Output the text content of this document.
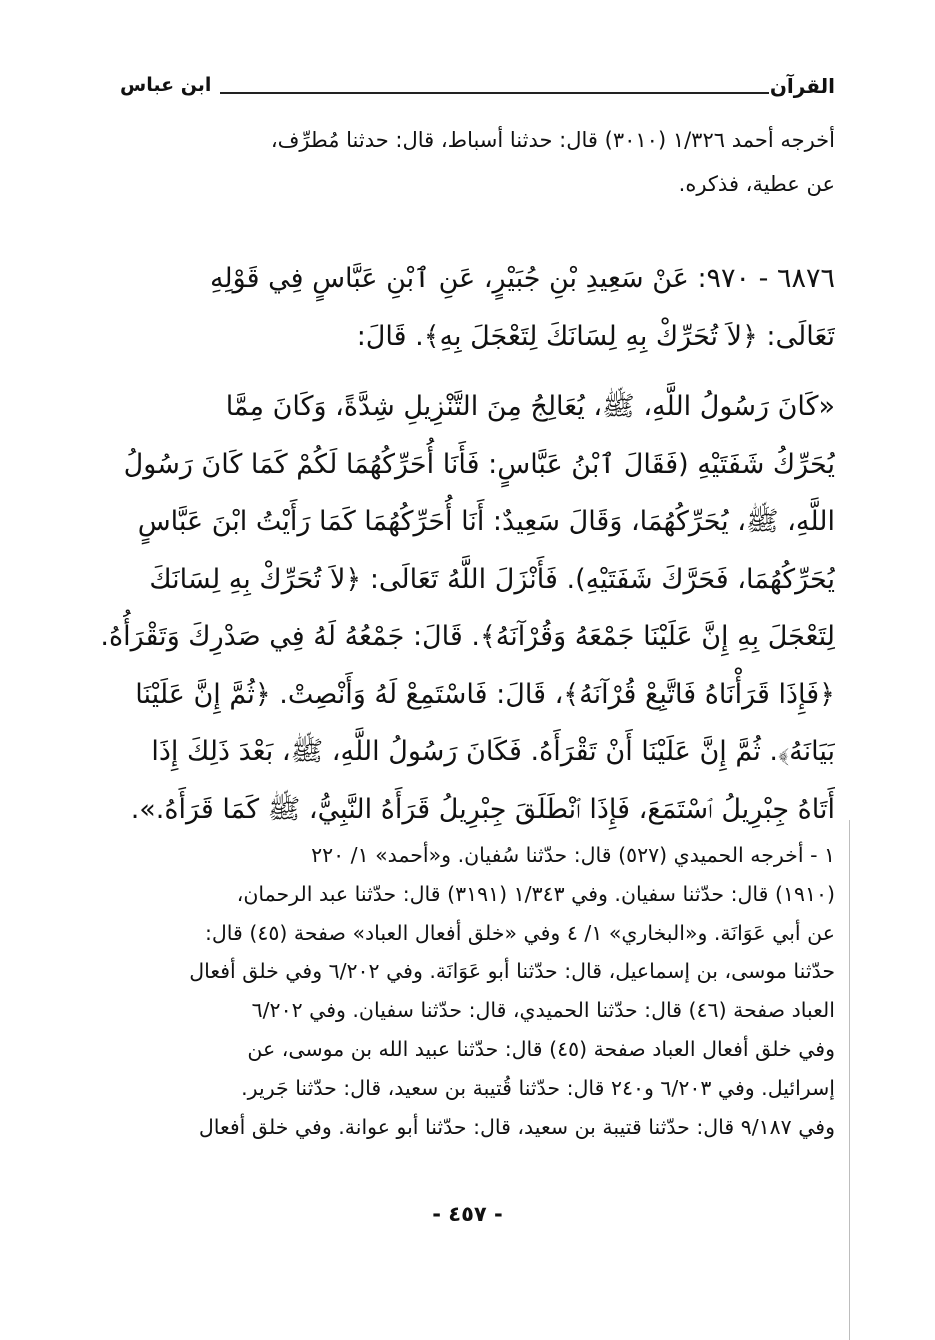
القرآن
ابن عباس
أخرجه أحمد ١/٣٢٦ (٣٠١٠) قال: حدثنا أسباط، قال: حدثنا مُطرِّف،
عن عطية، فذكره.
٦٨٧٦ - ٩٧٠: عَنْ سَعِيدِ بْنِ جُبَيْرٍ، عَنِ ٱبْنِ عَبَّاسٍ فِي قَوْلِهِ
تَعَالَى: ﴿لاَ تُحَرِّكْ بِهِ لِسَانَكَ لِتَعْجَلَ بِهِ﴾. قَالَ:
«كَانَ رَسُولُ اللَّهِ، ﷺ، يُعَالِجُ مِنَ التَّنْزِيلِ شِدَّةً، وَكَانَ مِمَّا
يُحَرِّكُ شَفَتَيْهِ (فَقَالَ ٱبْنُ عَبَّاسٍ: فَأَنَا أُحَرِّكُهُمَا لَكُمْ كَمَا كَانَ رَسُولُ
اللَّهِ، ﷺ، يُحَرِّكُهُمَا، وَقَالَ سَعِيدٌ: أَنَا أُحَرِّكُهُمَا كَمَا رَأَيْتُ ابْنَ عَبَّاسٍ
يُحَرِّكُهُمَا، فَحَرَّكَ شَفَتَيْهِ). فَأَنْزَلَ اللَّهُ تَعَالَى: ﴿لاَ تُحَرِّكْ بِهِ لِسَانَكَ
لِتَعْجَلَ بِهِ إِنَّ عَلَيْنَا جَمْعَهُ وَقُرْآنَهُ﴾. قَالَ: جَمْعُهُ لَهُ فِي صَدْرِكَ وَتَقْرَأُهُ.
﴿فَإِذَا قَرَأْنَاهُ فَاتَّبِعْ قُرْآنَهُ﴾، قَالَ: فَاسْتَمِعْ لَهُ وَأَنْصِتْ. ﴿ثُمَّ إِنَّ عَلَيْنَا
بَيَانَهُ﴾. ثُمَّ إِنَّ عَلَيْنَا أَنْ تَقْرَأَهُ. فَكَانَ رَسُولُ اللَّهِ، ﷺ، بَعْدَ ذَلِكَ إِذَا
أَتَاهُ جِبْرِيلُ ٱسْتَمَعَ، فَإِذَا ٱنْطَلَقَ جِبْرِيلُ قَرَأَهُ النَّبِيُّ، ﷺ كَمَا قَرَأَهُ.».
١ - أخرجه الحميدي (٥٢٧) قال: حدّثنا سُفيان. و«أحمد» ١/ ٢٢٠
(١٩١٠) قال: حدّثنا سفيان. وفي ١/٣٤٣ (٣١٩١) قال: حدّثنا عبد الرحمان،
عن أبي عَوَانَة. و«البخاري» ١/ ٤ وفي «خلق أفعال العباد» صفحة (٤٥) قال:
حدّثنا موسى، بن إسماعيل، قال: حدّثنا أبو عَوَانَة. وفي ٦/٢٠٢ وفي خلق أفعال
العباد صفحة (٤٦) قال: حدّثنا الحميدي، قال: حدّثنا سفيان. وفي ٦/٢٠٢
وفي خلق أفعال العباد صفحة (٤٥) قال: حدّثنا عبيد الله بن موسى، عن
إسرائيل. وفي ٦/٢٠٣ و٢٤٠ قال: حدّثنا قُتيبة بن سعيد، قال: حدّثنا جَرير.
وفي ٩/١٨٧ قال: حدّثنا قتيبة بن سعيد، قال: حدّثنا أبو عوانة. وفي خلق أفعال
- ٤٥٧ -
